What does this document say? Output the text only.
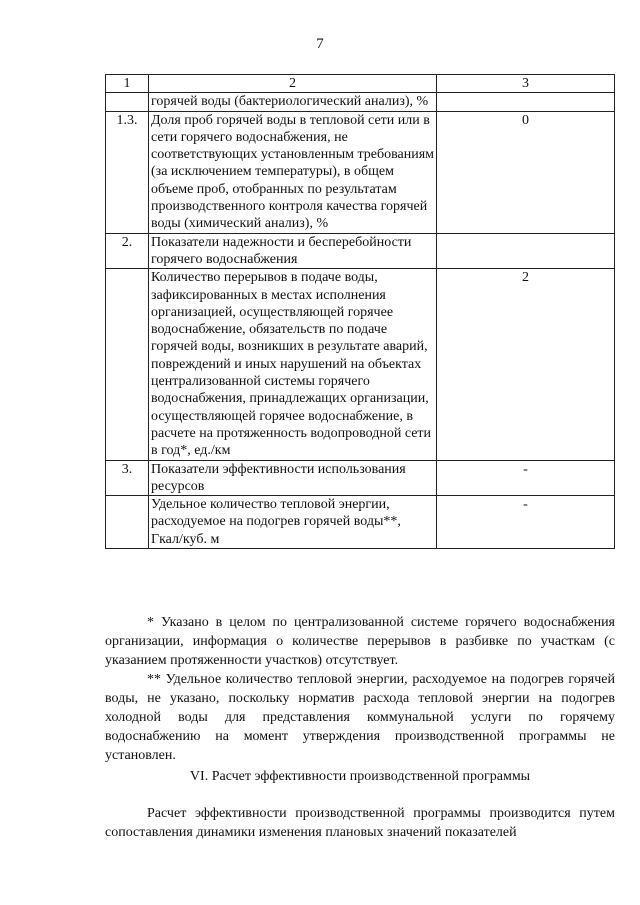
7
1	2	3
	горячей воды (бактериологический анализ), %	
1.3.	Доля проб горячей воды в тепловой сети или в сети горячего водоснабжения, не соответствующих установленным требованиям (за исключением температуры), в общем объеме проб, отобранных по результатам производственного контроля качества горячей воды (химический анализ), %	0
2.	Показатели надежности и бесперебойности горячего водоснабжения	
	Количество перерывов в подаче воды, зафиксированных в местах исполнения организацией, осуществляющей горячее водоснабжение, обязательств по подаче горячей воды, возникших в результате аварий, повреждений и иных нарушений на объектах централизованной системы горячего водоснабжения, принадлежащих организации, осуществляющей горячее водоснабжение, в расчете на протяженность водопроводной сети в год*, ед./км	2
3.	Показатели эффективности использования ресурсов	-
	Удельное количество тепловой энергии, расходуемое на подогрев горячей воды**, Гкал/куб. м	-

* Указано в целом по централизованной системе горячего водоснабжения организации, информация о количестве перерывов в разбивке по участкам (с указанием протяженности участков) отсутствует.

** Удельное количество тепловой энергии, расходуемое на подогрев горячей воды, не указано, поскольку норматив расхода тепловой энергии на подогрев холодной воды для представления коммунальной услуги по горячему водоснабжению на момент утверждения производственной программы не установлен.

VI. Расчет эффективности производственной программы

Расчет эффективности производственной программы производится путем сопоставления динамики изменения плановых значений показателей
